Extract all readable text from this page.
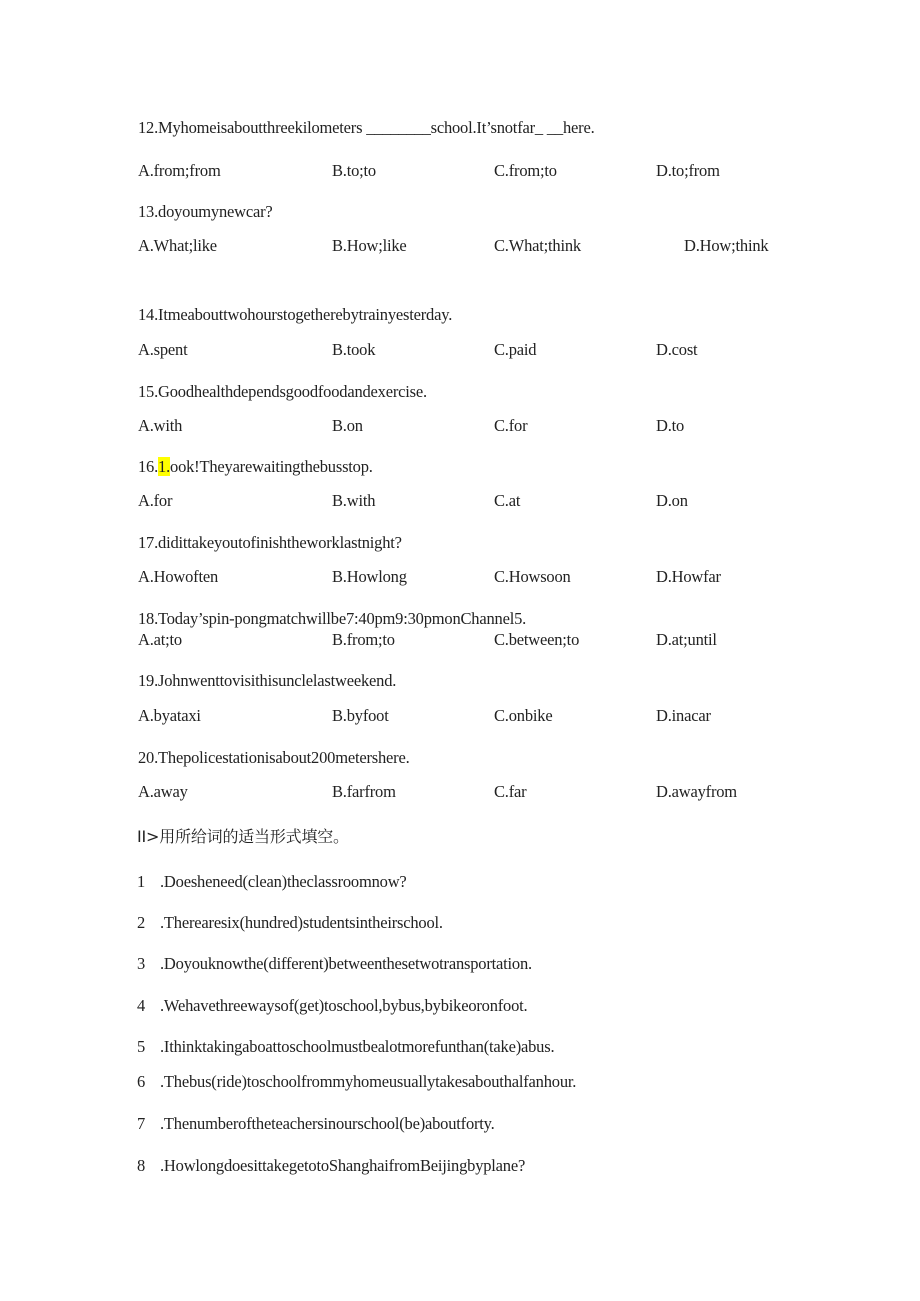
12.Myhomeisaboutthreekilometers ________school.It’snotfar_ __here.
A.from;from	B.to;to	C.from;to	D.to;from
13.doyoumynewcar?
A.What;like	B.How;like	C.What;think	D.How;think
14.Itmeabouttwohourstogetherebytrainyesterday.
A.spent	B.took	C.paid	D.cost
15.Goodhealthdependsgoodfoodandexercise.
A.with	B.on	C.for	D.to
16.1.ook!Theyarewaitingthebusstop.
A.for	B.with	C.at	D.on
17.didittakeyoutofinishtheworklastnight?
A.Howoften	B.Howlong	C.Howsoon	D.Howfar
18.Today’spin-pongmatchwillbe7:40pm9:30pmonChannel5.
A.at;to	B.from;to	C.between;to	D.at;until
19.Johnwenttovisithisunclelastweekend.
A.byataxi	B.byfoot	C.onbike	D.inacar
20.Thepolicestationisabout200metershere.
A.away	B.farfrom	C.far	D.awayfrom
II>用所给词的适当形式填空。
1 .Doesheneed(clean)theclassroomnow?
2 .Therearesix(hundred)studentsintheirschool.
3 .Doyouknowthe(different)betweenthesetwotransportation.
4 .Wehavethreewaysof(get)toschool,bybus,bybikeoronfoot.
5 .Ithinktakingaboattoschoolmustbealotmorefunthan(take)abus.
6 .Thebus(ride)toschoolfrommyhomeusuallytakesabouthalfanhour.
7 .Thenumberoftheteachersinourschool(be)aboutforty.
8 .HowlongdoesittakegetotoShanghaifromBeijingbyplane?
